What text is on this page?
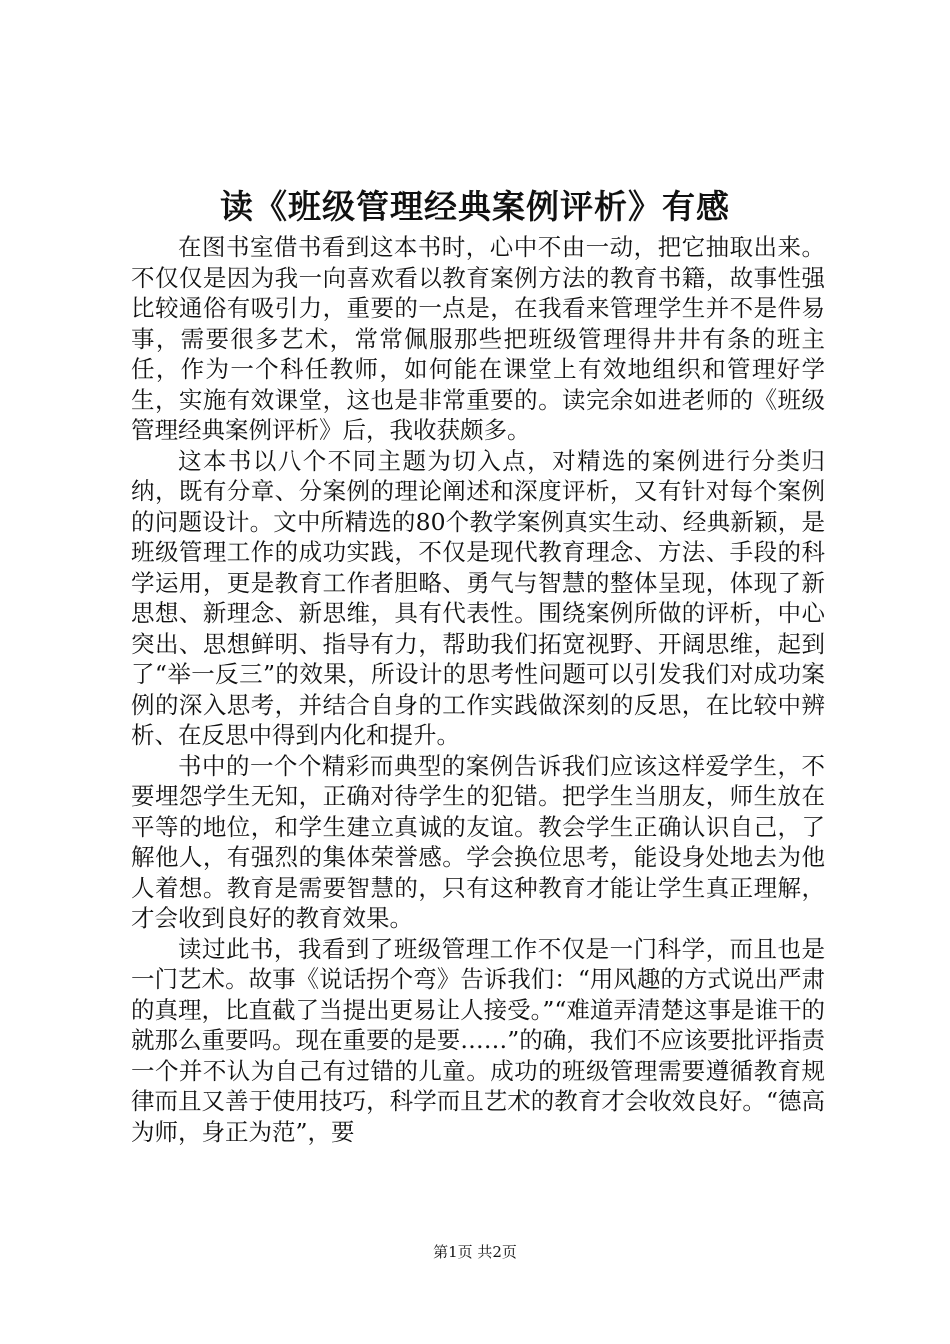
读《班级管理经典案例评析》有感

在图书室借书看到这本书时，心中不由一动，把它抽取出来。不仅仅是因为我一向喜欢看以教育案例方法的教育书籍，故事性强比较通俗有吸引力，重要的一点是，在我看来管理学生并不是件易事，需要很多艺术，常常佩服那些把班级管理得井井有条的班主任，作为一个科任教师，如何能在课堂上有效地组织和管理好学生，实施有效课堂，这也是非常重要的。读完余如进老师的《班级管理经典案例评析》后，我收获颇多。

这本书以八个不同主题为切入点，对精选的案例进行分类归纳，既有分章、分案例的理论阐述和深度评析，又有针对每个案例的问题设计。文中所精选的80个教学案例真实生动、经典新颖，是班级管理工作的成功实践，不仅是现代教育理念、方法、手段的科学运用，更是教育工作者胆略、勇气与智慧的整体呈现，体现了新思想、新理念、新思维，具有代表性。围绕案例所做的评析，中心突出、思想鲜明、指导有力，帮助我们拓宽视野、开阔思维，起到了“举一反三”的效果，所设计的思考性问题可以引发我们对成功案例的深入思考，并结合自身的工作实践做深刻的反思，在比较中辨析、在反思中得到内化和提升。

书中的一个个精彩而典型的案例告诉我们应该这样爱学生，不要埋怨学生无知，正确对待学生的犯错。把学生当朋友，师生放在平等的地位，和学生建立真诚的友谊。教会学生正确认识自己，了解他人，有强烈的集体荣誉感。学会换位思考，能设身处地去为他人着想。教育是需要智慧的，只有这种教育才能让学生真正理解，才会收到良好的教育效果。

读过此书，我看到了班级管理工作不仅是一门科学，而且也是一门艺术。故事《说话拐个弯》告诉我们：“用风趣的方式说出严肃的真理，比直截了当提出更易让人接受。”“难道弄清楚这事是谁干的就那么重要吗。现在重要的是要……”的确，我们不应该要批评指责一个并不认为自己有过错的儿童。成功的班级管理需要遵循教育规律而且又善于使用技巧，科学而且艺术的教育才会收效良好。“德高为师，身正为范”，要

第1页 共2页
